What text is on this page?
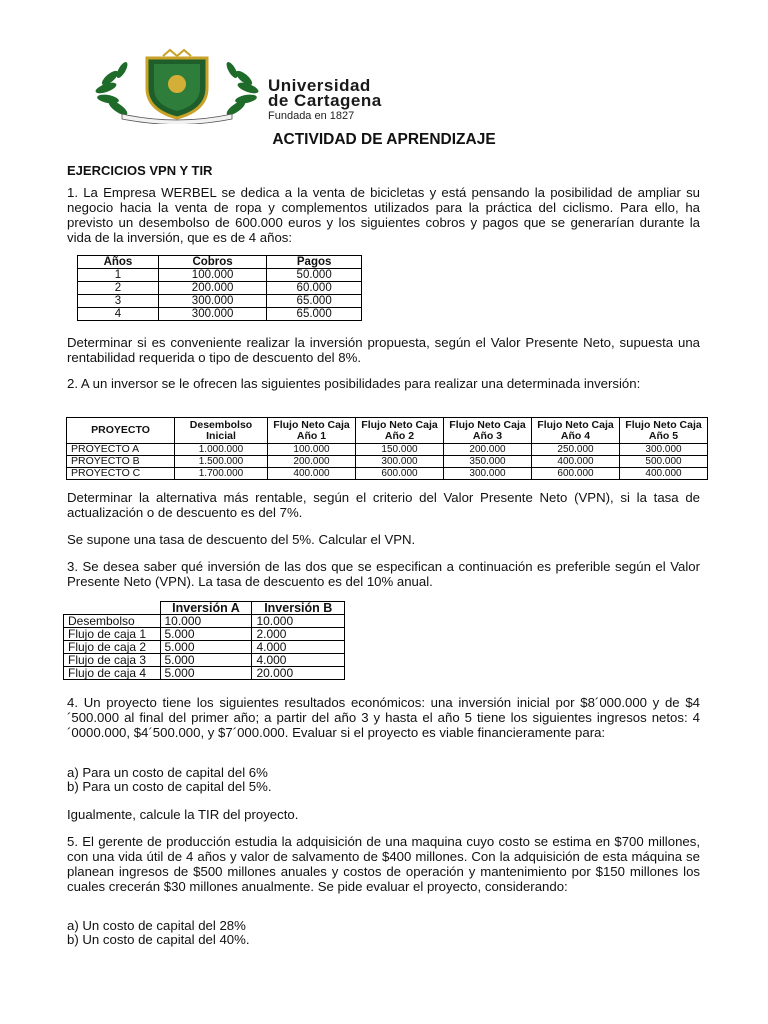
Universidad
de Cartagena
Fundada en 1827
ACTIVIDAD DE APRENDIZAJE
EJERCICIOS VPN Y TIR
1. La Empresa WERBEL se dedica a la venta de bicicletas y está pensando la posibilidad de ampliar su negocio hacia la venta de ropa y complementos utilizados para la práctica del ciclismo. Para ello, ha previsto un desembolso de 600.000 euros y los siguientes cobros y pagos que se generarían durante la vida de la inversión, que es de 4 años:
Años	Cobros	Pagos
1	100.000	50.000
2	200.000	60.000
3	300.000	65.000
4	300.000	65.000
Determinar si es conveniente realizar la inversión propuesta, según el Valor Presente Neto, supuesta una rentabilidad requerida o tipo de descuento del 8%.
2. A un inversor se le ofrecen las siguientes posibilidades para realizar una determinada inversión:
PROYECTO	Desembolso Inicial	Flujo Neto Caja Año 1	Flujo Neto Caja Año 2	Flujo Neto Caja Año 3	Flujo Neto Caja Año 4	Flujo Neto Caja Año 5
PROYECTO A	1.000.000	100.000	150.000	200.000	250.000	300.000
PROYECTO B	1.500.000	200.000	300.000	350.000	400.000	500.000
PROYECTO C	1.700.000	400.000	600.000	300.000	600.000	400.000
Determinar la alternativa más rentable, según el criterio del Valor Presente Neto (VPN), si la tasa de actualización o de descuento es del 7%.
Se supone una tasa de descuento del 5%. Calcular el VPN.
3. Se desea saber qué inversión de las dos que se especifican a continuación es preferible según el Valor Presente Neto (VPN). La tasa de descuento es del 10% anual.
	Inversión A	Inversión B
Desembolso	10.000	10.000
Flujo de caja 1	5.000	2.000
Flujo de caja 2	5.000	4.000
Flujo de caja 3	5.000	4.000
Flujo de caja 4	5.000	20.000
4. Un proyecto tiene los siguientes resultados económicos: una inversión inicial por $8´000.000 y de $4´500.000 al final del primer año; a partir del año 3 y hasta el año 5 tiene los siguientes ingresos netos: 4´0000.000, $4´500.000, y $7´000.000. Evaluar si el proyecto es viable financieramente para:
a) Para un costo de capital del 6%
b) Para un costo de capital del 5%.
Igualmente, calcule la TIR del proyecto.
5. El gerente de producción estudia la adquisición de una maquina cuyo costo se estima en $700 millones, con una vida útil de 4 años y valor de salvamento de $400 millones. Con la adquisición de esta máquina se planean ingresos de $500 millones anuales y costos de operación y mantenimiento por $150 millones los cuales crecerán $30 millones anualmente. Se pide evaluar el proyecto, considerando:
a) Un costo de capital del 28%
b) Un costo de capital del 40%.
